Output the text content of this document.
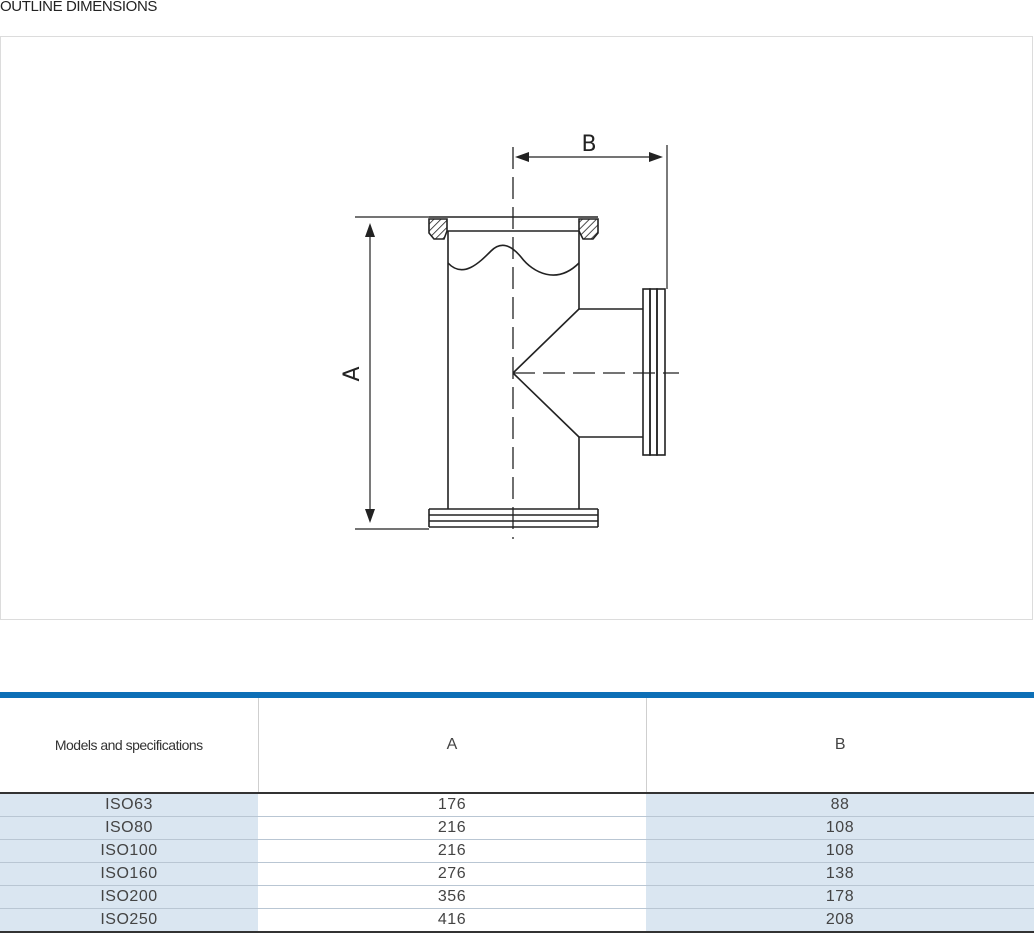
OUTLINE DIMENSIONS
B
A
Models and specifications	A	B
ISO63	176	88
ISO80	216	108
ISO100	216	108
ISO160	276	138
ISO200	356	178
ISO250	416	208
